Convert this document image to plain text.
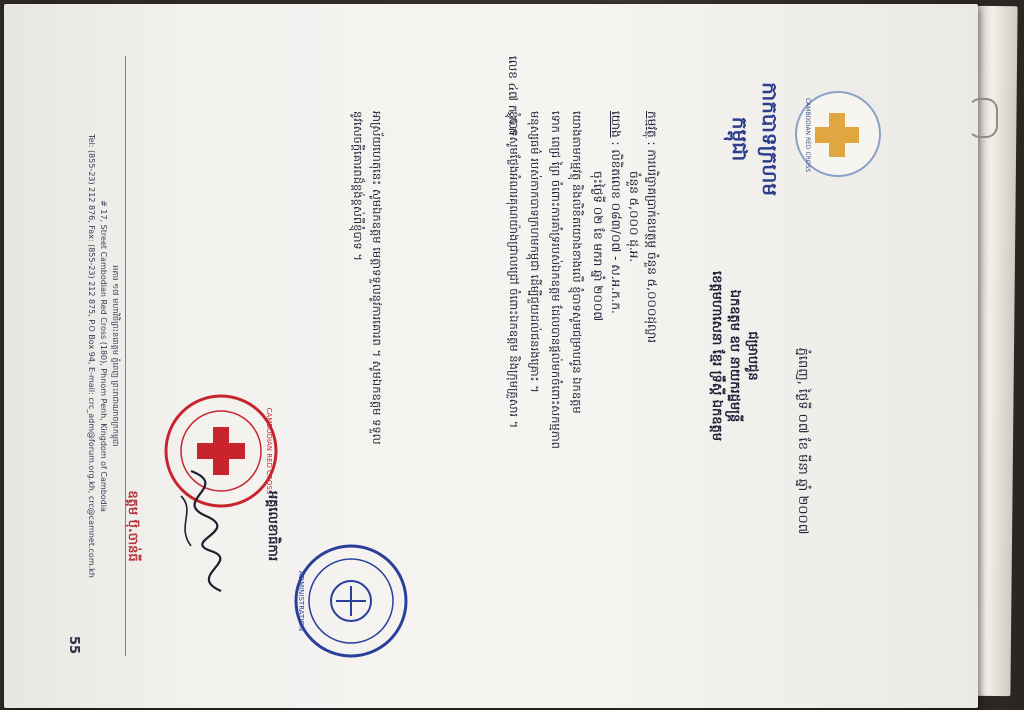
CAMBODIAN RED CROSS
កាកបាទក្រហមកម្ពុជា
ភ្នំពេញ, ថ្ងៃទី ០៧ ខែ មីនា ឆ្នាំ ២០០៧
ជម្រាបជូន
ឯកឧត្តម ឧប នាយករដ្ឋមន្ត្រី
ខេត្តមហាសេនា ខ្មែរ ទ្រឹស្តី ឯកឧត្តម
កម្មវត្ថុ : ការបរិច្ចាគប្រាក់ឧបត្ថម្ភ ចំនួន ៥,០០០ដុល្លារ
ចំនួន ៥,០០០ ដុ.អ.
យោង : លិខិតលេខ ០៨៣/០៧ - ស.អ.ក.ក.
ចុះថ្ងៃទី ០២ ខែ មករា ឆ្នាំ ២០០៧

យោងតាមកម្មវត្ថុ និងលិខិតយោងខាងលើ ខ្ញុំបាទសូមជម្រាបជូន ឯកឧត្តម

ទោក ពេជ្រ ព្រៃ ចំពោះការគាំទ្ររបស់ឯកឧត្តម ដែលបានផ្តល់មកចំពោះសកម្មភាព

មនុស្សធម៌ របស់កាកបាទក្រហមកម្ពុជា ដើម្បីជួយដល់ជនរងគ្រោះ ។

ខ្ញុំបាទសូមថ្លែងអំណរគុណយ៉ាងជ្រាលជ្រៅ ចំពោះឯកឧត្តម និងក្រុមគ្រួសារ ។

អាស្រ័យហេតុនេះ សូមឯកឧត្តម មេត្តាទទួលនូវការគោរព ។ សូមឯកឧត្តម ទទួល

នូវសេចក្តីគោរពដ៏ខ្ពង់ខ្ពស់ពីខ្ញុំបាទ ។

ADMINISTRATION
អគ្គលេខាធិការ
CAMBODIAN RED CROSS
ឧត្តម ប៊ុ.ចាន់ធី
អគារ ១៧ មហាវិថីព្រះនរោត្តម ភ្នំពេញ ព្រះរាជាណាចក្រកម្ពុជា
# 17, Street Cambodian Red Cross (180), Phnom Penh, Kingdom of Cambodia
Tel: (855-23) 212 876, Fax: (855-23) 212 875, P.O Box 94, E-mail: crc_adm@forum.org.kh, crc@camnet.com.kh
លេខ ៤៧ ក.ក.ក
55
